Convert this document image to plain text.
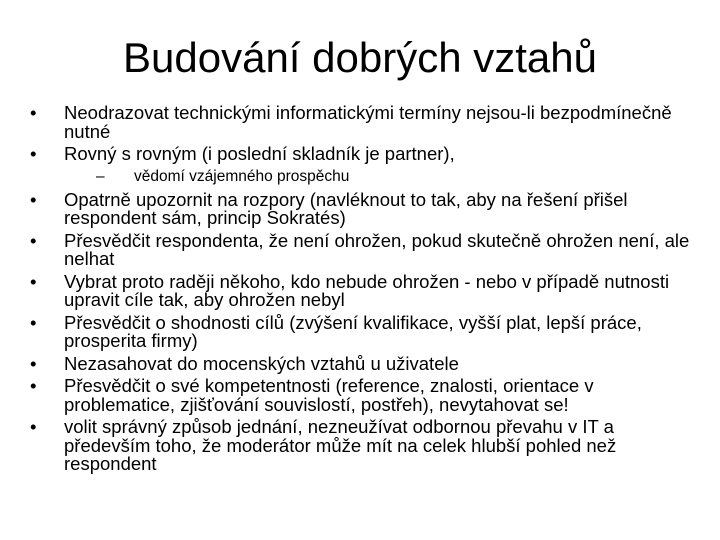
Budování dobrých vztahů
•	Neodrazovat technickými informatickými termíny nejsou-li bezpodmínečně nutné
•	Rovný s rovným (i poslední skladník je partner),
– vědomí vzájemného prospěchu
•	Opatrně upozornit na rozpory (navléknout to tak, aby na řešení přišel respondent sám, princip Sokratés)
•	Přesvědčit respondenta, že není ohrožen, pokud skutečně ohrožen není, ale nelhat
•	Vybrat proto raději někoho, kdo nebude ohrožen - nebo v případě nutnosti upravit cíle tak, aby ohrožen nebyl
•	Přesvědčit o shodnosti cílů (zvýšení kvalifikace, vyšší plat, lepší práce, prosperita firmy)
•	Nezasahovat do mocenských vztahů u uživatele
•	Přesvědčit o své kompetentnosti (reference, znalosti, orientace v problematice, zjišťování souvislostí, postřeh), nevytahovat se!
•	volit správný způsob jednání, nezneužívat odbornou převahu v IT a především toho, že moderátor může mít na celek hlubší pohled než respondent
